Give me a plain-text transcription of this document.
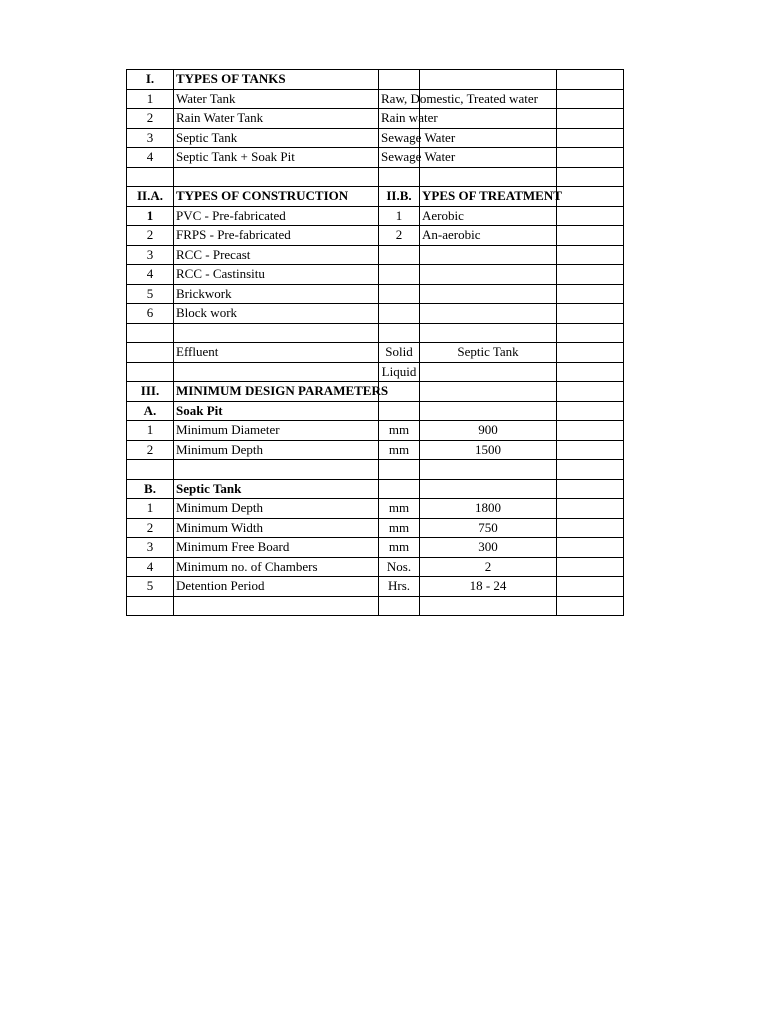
I.	TYPES OF TANKS			
1	Water Tank	Raw, Domestic, Treated water		

2	Rain Water Tank	Rain water		

3	Septic Tank	Sewage Water		

4	Septic Tank + Soak Pit	Sewage Water		

II.A.	TYPES OF CONSTRUCTION	II.B.	YPES OF TREATMENT	

1	PVC - Pre-fabricated	1	Aerobic	
2	FRPS - Pre-fabricated	2	An-aerobic	
3	RCC - Precast			
4	RCC - Castinsitu			
5	Brickwork			
6	Block work			

	Effluent	Solid	Septic Tank	
		Liquid		
III.	MINIMUM DESIGN PARAMETERS			

A.	Soak Pit			
1	Minimum Diameter	mm	900	
2	Minimum Depth	mm	1500	

B.	Septic Tank			
1	Minimum Depth	mm	1800	
2	Minimum Width	mm	750	
3	Minimum Free Board	mm	300	
4	Minimum no. of Chambers	Nos.	2	
5	Detention Period	Hrs.	18 - 24	
